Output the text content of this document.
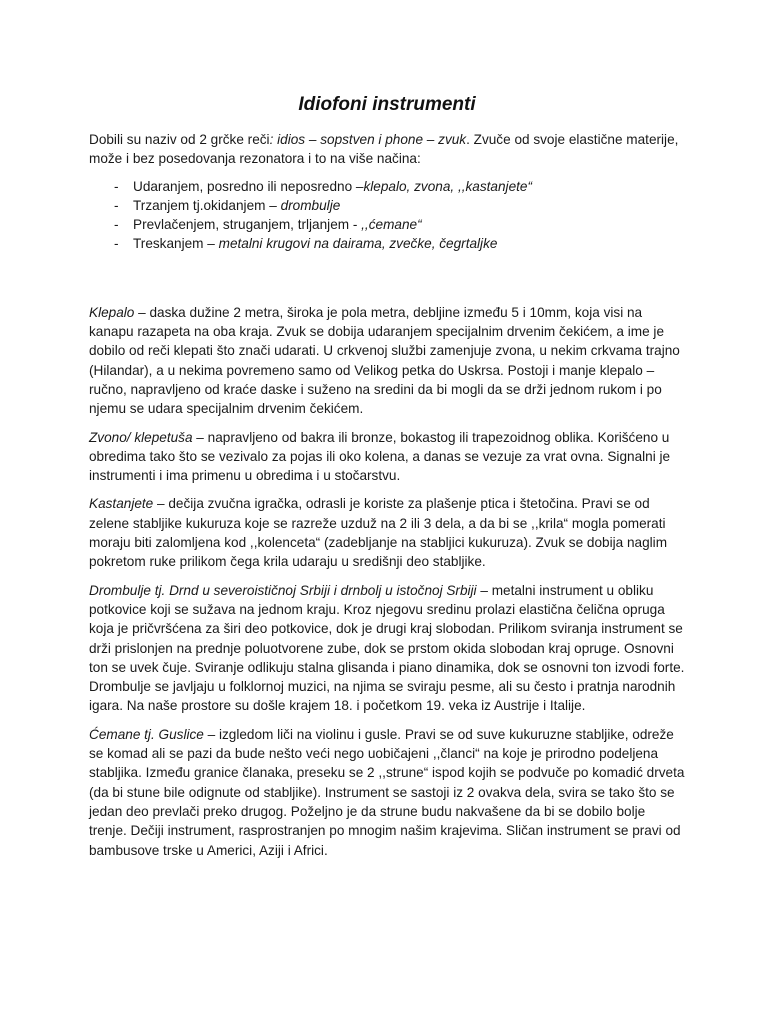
Idiofoni instrumenti

Dobili su naziv od 2 grčke reči: idios – sopstven i phone – zvuk. Zvuče od svoje elastične materije, može i bez posedovanja rezonatora i to na više načina:

- Udaranjem, posredno ili neposredno –klepalo, zvona, ,,kastanjete“
- Trzanjem tj.okidanjem – drombulje
- Prevlačenjem, struganjem, trljanjem - ,,ćemane“
- Treskanjem – metalni krugovi na dairama, zvečke, čegrtaljke

Klepalo – daska dužine 2 metra, široka je pola metra, debljine između 5 i 10mm, koja visi na kanapu razapeta na oba kraja. Zvuk se dobija udaranjem specijalnim drvenim čekićem, a ime je dobilo od reči klepati što znači udarati. U crkvenoj službi zamenjuje zvona, u nekim crkvama trajno (Hilandar), a u nekima povremeno samo od Velikog petka do Uskrsa. Postoji i manje klepalo – ručno, napravljeno od kraće daske i suženo na sredini da bi mogli da se drži jednom rukom i po njemu se udara specijalnim drvenim čekićem.

Zvono/ klepetuša – napravljeno od bakra ili bronze, bokastog ili trapezoidnog oblika. Korišćeno u obredima tako što se vezivalo za pojas ili oko kolena, a danas se vezuje za vrat ovna. Signalni je instrumenti i ima primenu u obredima i u stočarstvu.

Kastanjete – dečija zvučna igračka, odrasli je koriste za plašenje ptica i štetočina. Pravi se od zelene stabljike kukuruza koje se razreže uzduž na 2 ili 3 dela, a da bi se ,,krila“ mogla pomerati moraju biti zalomljena kod ,,kolenceta“ (zadebljanje na stabljici kukuruza). Zvuk se dobija naglim pokretom ruke prilikom čega krila udaraju u središnji deo stabljike.

Drombulje tj. Drnd u severoističnoj Srbiji i drnbolj u istočnoj Srbiji – metalni instrument u obliku potkovice koji se sužava na jednom kraju. Kroz njegovu sredinu prolazi elastična čelična opruga koja je pričvršćena za širi deo potkovice, dok je drugi kraj slobodan. Prilikom sviranja instrument se drži prislonjen na prednje poluotvorene zube, dok se prstom okida slobodan kraj opruge. Osnovni ton se uvek čuje. Sviranje odlikuju stalna glisanda i piano dinamika, dok se osnovni ton izvodi forte. Drombulje se javljaju u folklornoj muzici, na njima se sviraju pesme, ali su često i pratnja narodnih igara. Na naše prostore su došle krajem 18. i početkom 19. veka iz Austrije i Italije.

Ćemane tj. Guslice – izgledom liči na violinu i gusle. Pravi se od suve kukuruzne stabljike, odreže se komad ali se pazi da bude nešto veći nego uobičajeni ,,članci“ na koje je prirodno podeljena stabljika. Između granice članaka, preseku se 2 ,,strune“ ispod kojih se podvuče po komadić drveta (da bi stune bile odignute od stabljike). Instrument se sastoji iz 2 ovakva dela, svira se tako što se jedan deo prevlači preko drugog. Poželjno je da strune budu nakvašene da bi se dobilo bolje trenje. Dečiji instrument, rasprostranjen po mnogim našim krajevima. Sličan instrument se pravi od bambusove trske u Americi, Aziji i Africi.
